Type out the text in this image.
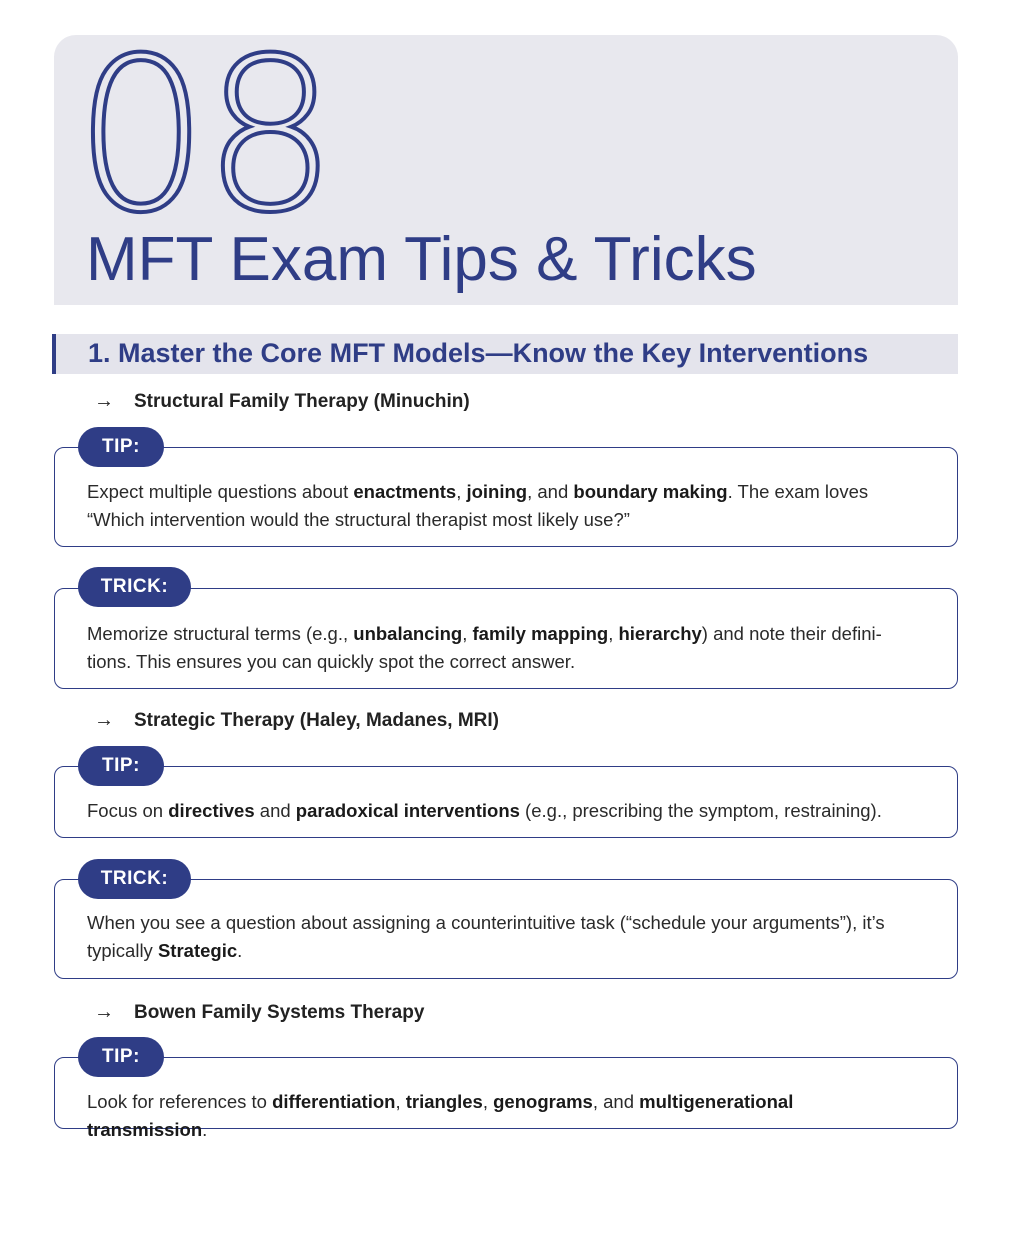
08
MFT Exam Tips & Tricks
1. Master the Core MFT Models—Know the Key Interventions
→ Structural Family Therapy (Minuchin)

Expect multiple questions about enactments, joining, and boundary making. The exam loves “Which intervention would the structural therapist most likely use?”

TIP:

Memorize structural terms (e.g., unbalancing, family mapping, hierarchy) and note their defini-tions. This ensures you can quickly spot the correct answer.

TRICK:
→ Strategic Therapy (Haley, Madanes, MRI)

Focus on directives and paradoxical interventions (e.g., prescribing the symptom, restraining).

TIP:

When you see a question about assigning a counterintuitive task (“schedule your arguments”), it’s typically Strategic.

TRICK:
→ Bowen Family Systems Therapy

Look for references to differentiation, triangles, genograms, and multigenerational transmission.

TIP:
